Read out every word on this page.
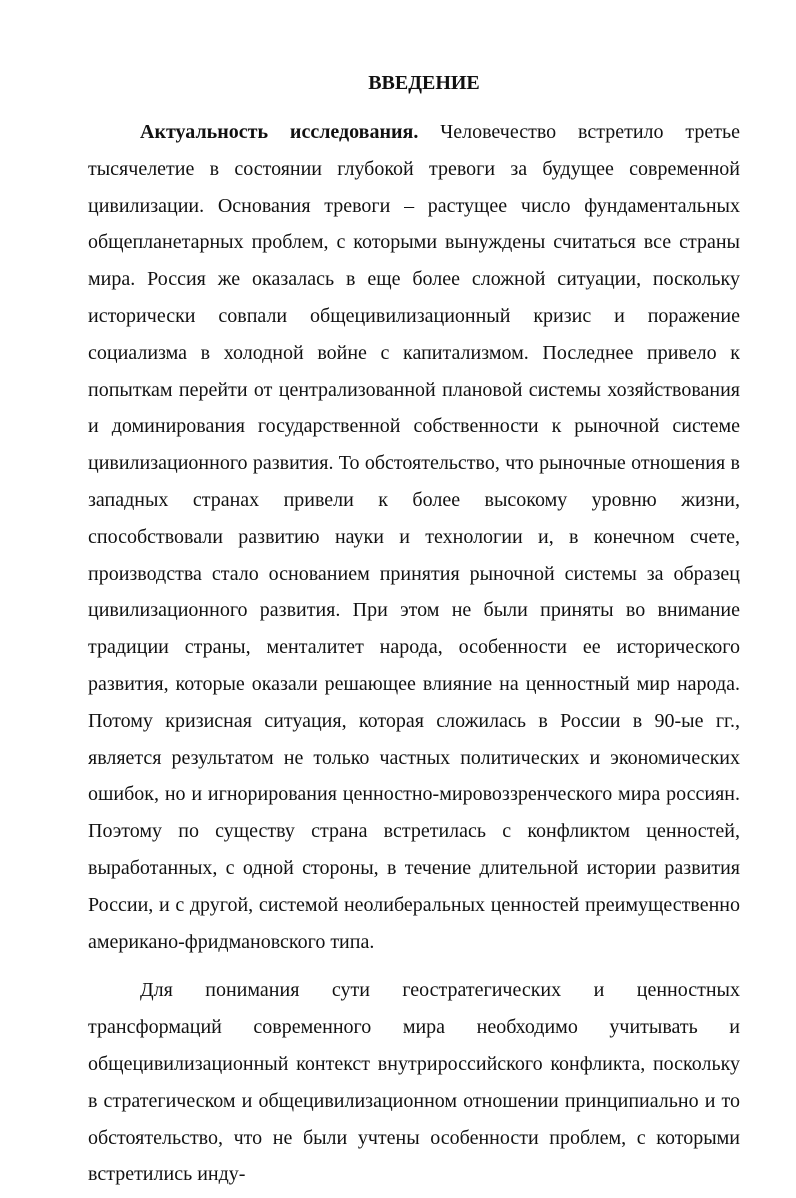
ВВЕДЕНИЕ

Актуальность исследования. Человечество встретило третье тысячелетие в состоянии глубокой тревоги за будущее современной цивилизации. Основания тревоги – растущее число фундаментальных общепланетарных проблем, с которыми вынуждены считаться все страны мира. Россия же оказалась в еще более сложной ситуации, поскольку исторически совпали общецивилизационный кризис и поражение социализма в холодной войне с капитализмом. Последнее привело к попыткам перейти от централизованной плановой системы хозяйствования и доминирования государственной собственности к рыночной системе цивилизационного развития. То обстоятельство, что рыночные отношения в западных странах привели к более высокому уровню жизни, способствовали развитию науки и технологии и, в конечном счете, производства стало основанием принятия рыночной системы за образец цивилизационного развития. При этом не были приняты во внимание традиции страны, менталитет народа, особенности ее исторического развития, которые оказали решающее влияние на ценностный мир народа. Потому кризисная ситуация, которая сложилась в России в 90-ые гг., является результатом не только частных политических и экономических ошибок, но и игнорирования ценностно-мировоззренческого мира россиян. Поэтому по существу страна встретилась с конфликтом ценностей, выработанных, с одной стороны, в течение длительной истории развития России, и с другой, системой неолиберальных ценностей преимущественно американо-фридмановского типа.

Для понимания сути геостратегических и ценностных трансформаций современного мира необходимо учитывать и общецивилизационный контекст внутрироссийского конфликта, поскольку в стратегическом и общецивилизационном отношении принципиально и то обстоятельство, что не были учтены особенности проблем, с которыми встретились инду-
